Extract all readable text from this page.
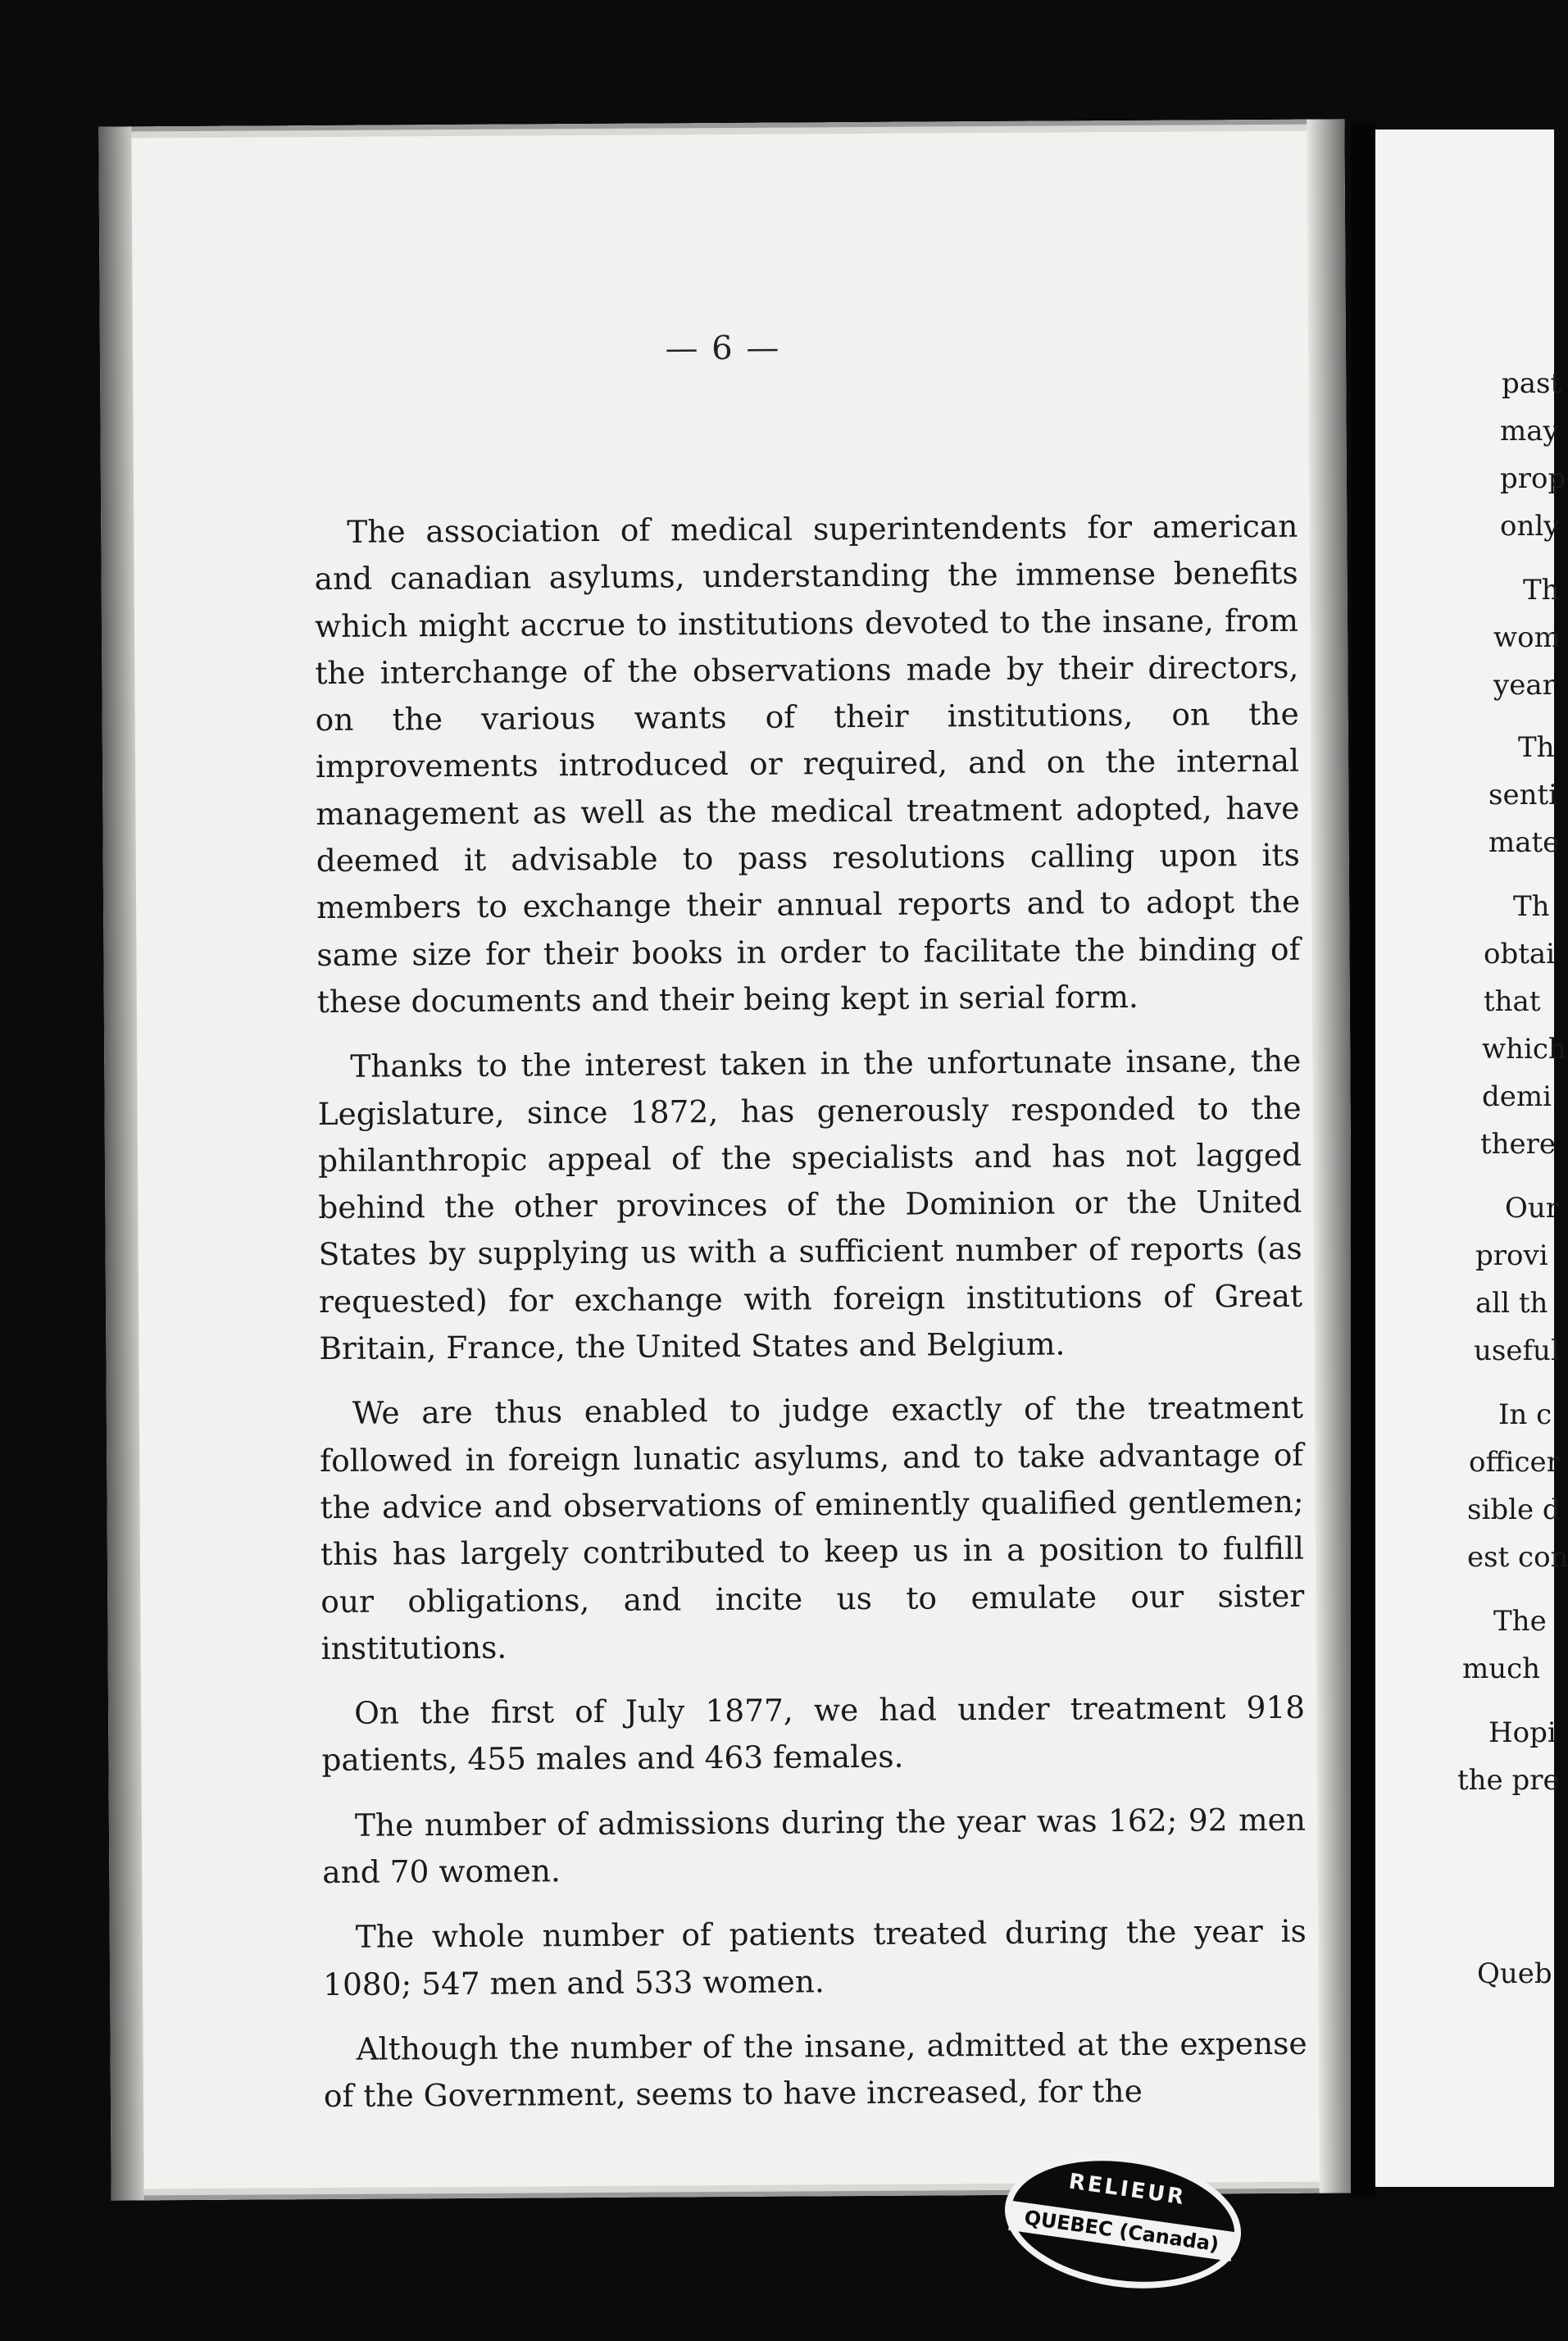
— 6 —

The association of medical superintendents for american and canadian asylums, understanding the immense benefits which might accrue to institutions devoted to the insane, from the interchange of the observations made by their directors, on the various wants of their institutions, on the improvements introduced or required, and on the internal management as well as the medical treatment adopted, have deemed it advisable to pass resolutions calling upon its members to exchange their annual reports and to adopt the same size for their books in order to facilitate the binding of these documents and their being kept in serial form.

Thanks to the interest taken in the unfortunate insane, the Legislature, since 1872, has generously responded to the philanthropic appeal of the specialists and has not lagged behind the other provinces of the Dominion or the United States by supplying us with a sufficient number of reports (as requested) for exchange with foreign institutions of Great Britain, France, the United States and Belgium.

We are thus enabled to judge exactly of the treatment followed in foreign lunatic asylums, and to take advantage of the advice and observations of eminently qualified gentlemen; this has largely contributed to keep us in a position to fulfill our obligations, and incite us to emulate our sister institutions.

On the first of July 1877, we had under treatment 918 patients, 455 males and 463 females.

The number of admissions during the year was 162; 92 men and 70 women.

The whole number of patients treated during the year is 1080; 547 men and 533 women.

Although the number of the insane, admitted at the expense of the Government, seems to have increased, for the

past
may
prop
only
Th
wom
year
Th
senti
mate
Th
obtai
that
which
demi
there
Our
provi
all th
useful
In c
officer
sible d
est con
The
much
Hopi
the pre
Queb
RELIEUR
QUEBEC (Canada)
